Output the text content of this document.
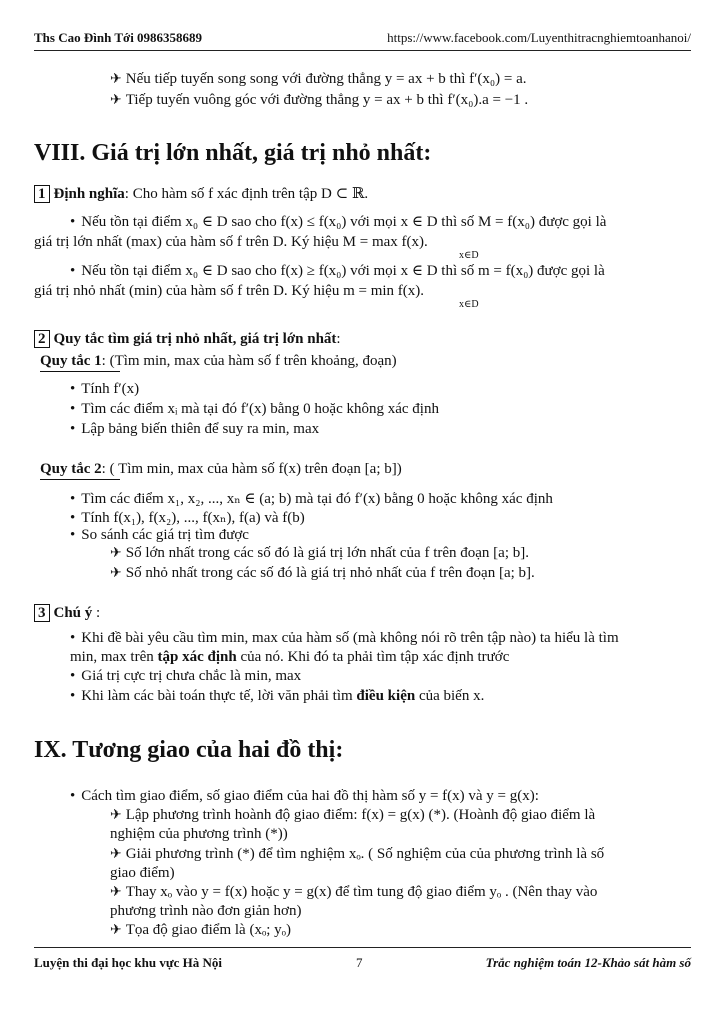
Ths Cao Đình Tới 0986358689	https://www.facebook.com/Luyenthitracnghiemtoanhanoi/
✈ Nếu tiếp tuyến song song với đường thẳng y = ax + b thì f′(x₀) = a.
✈ Tiếp tuyến vuông góc với đường thẳng y = ax + b thì f′(x₀).a = −1 .
VIII. Giá trị lớn nhất, giá trị nhỏ nhất:
1 Định nghĩa: Cho hàm số f xác định trên tập D ⊂ ℝ.
• Nếu tồn tại điểm x₀ ∈ D sao cho f(x) ≤ f(x₀) với mọi x ∈ D thì số M = f(x₀) được gọi là
giá trị lớn nhất (max) của hàm số f trên D. Ký hiệu M = max f(x).
x∈D
• Nếu tồn tại điểm x₀ ∈ D sao cho f(x) ≥ f(x₀) với mọi x ∈ D thì số m = f(x₀) được gọi là
giá trị nhỏ nhất (min) của hàm số f trên D. Ký hiệu m = min f(x).
x∈D
2 Quy tắc tìm giá trị nhỏ nhất, giá trị lớn nhất:
Quy tắc 1: (Tìm min, max của hàm số f trên khoảng, đoạn)
• Tính f′(x)
• Tìm các điểm xᵢ mà tại đó f′(x) bằng 0 hoặc không xác định
• Lập bảng biến thiên để suy ra min, max
Quy tắc 2: ( Tìm min, max của hàm số f(x) trên đoạn [a; b])
• Tìm các điểm x₁, x₂, ..., xₙ ∈ (a; b) mà tại đó f′(x) bằng 0 hoặc không xác định
• Tính f(x₁), f(x₂), ..., f(xₙ), f(a) và f(b)
• So sánh các giá trị tìm được
✈ Số lớn nhất trong các số đó là giá trị lớn nhất của f trên đoạn [a; b].
✈ Số nhỏ nhất trong các số đó là giá trị nhỏ nhất của f trên đoạn [a; b].
3 Chú ý :
• Khi đề bài yêu cầu tìm min, max của hàm số (mà không nói rõ trên tập nào) ta hiểu là tìm
min, max trên tập xác định của nó. Khi đó ta phải tìm tập xác định trước
• Giá trị cực trị chưa chắc là min, max
• Khi làm các bài toán thực tế, lời văn phải tìm điều kiện của biến x.
IX. Tương giao của hai đồ thị:
• Cách tìm giao điểm, số giao điểm của hai đồ thị hàm số y = f(x) và y = g(x):
✈ Lập phương trình hoành độ giao điểm: f(x) = g(x) (*). (Hoành độ giao điểm là
nghiệm của phương trình (*))
✈ Giải phương trình (*) để tìm nghiệm xₒ. ( Số nghiệm của của phương trình là số
giao điểm)
✈ Thay xₒ vào y = f(x) hoặc y = g(x) để tìm tung độ giao điểm yₒ . (Nên thay vào
phương trình nào đơn giản hơn)
✈ Tọa độ giao điểm là (xₒ; yₒ)
Luyện thi đại học khu vực Hà Nội	7	Trắc nghiệm toán 12-Khảo sát hàm số
